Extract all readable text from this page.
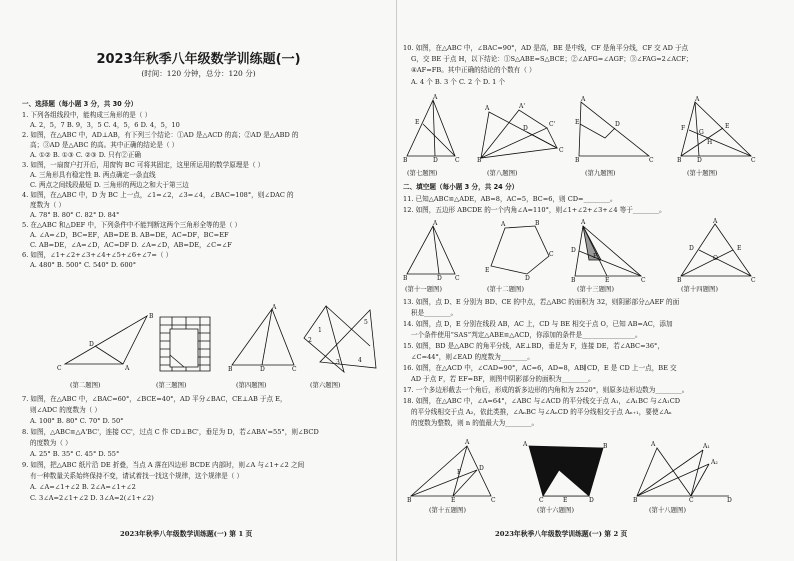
2023年秋季八年级数学训练题(一)
(时间：120 分钟，总分：120 分)
一、选择题（每小题 3 分，共 30 分）
1. 下列各组线段中，能构成三角形的是（ ）
A. 2，5，7 B. 9，3，5 C. 4，5，6 D. 4，5，10
2. 如图，在△ABC 中，AD⊥AB，有下列三个结论：①AD 是△ACD 的高；②AD 是△ABD 的
高；③AD 是△ABC 的高。其中正确的结论是（ ）
A. ①② B. ①③ C. ②③ D. 只有②正确
3. 如图，一扇窗户打开后，用窗钩 BC 可将其固定，这里所运用的数学原理是（ ）
A. 三角形具有稳定性 B. 两点确定一条直线
C. 两点之间线段最短 D. 三角形的两边之和大于第三边
4. 如图，在△ABC 中，D 为 BC 上一点，∠1=∠2，∠3=∠4，∠BAC=108°，则∠DAC 的
度数为（ ）
A. 78° B. 80° C. 82° D. 84°
5. 在△ABC 和△DEF 中，下列条件中不能判断这两个三角形全等的是（ ）
A. ∠A=∠D，BC=EF，AB=DE B. AB=DE，AC=DF，BC=EF
C. AB=DE，∠A=∠D，AC=DF D. ∠A=∠D，AB=DE，∠C=∠F
6. 如图，∠1+∠2+∠3+∠4+∠5+∠6+∠7=（ ）
A. 480° B. 500° C. 540° D. 600°
B
A
D
C
(第二题图)	(第三题图)
A
B	D	C
(第四题图)
1
2
3	4
5
(第六题图)
7. 如图，在△ABC 中，∠BAC=60°，∠BCE=40°，AD 平分∠BAC，CE⊥AB 于点 E，
则∠ADC 的度数为（ ）
A. 100° B. 80° C. 70° D. 50°
8. 如图，△ABC≌△A'BC'，连接 CC'，过点 C 作 CD⊥BC'，垂足为 D，若∠ABA'=55°，则∠BCD
的度数为（ ）
A. 25° B. 35° C. 45° D. 55°
9. 如图，把△ABC 纸片沿 DE 折叠，当点 A 落在四边形 BCDE 内部时，则∠A 与∠1+∠2 之间
有一种数量关系始终保持不变，请试着找一找这个规律，这个规律是（ ）
A. ∠A=∠1+∠2 B. 2∠A=∠1+∠2
C. 3∠A=2∠1+∠2 D. 3∠A=2(∠1+∠2)
2023年秋季八年级数学训练题(一) 第 1 页
10. 如图，在△ABC 中，∠BAC=90°，AD 是高，BE 是中线，CF 是角平分线，CF 交 AD 于点
G，交 BE 于点 H，以下结论：①S△ABE=S△BCE；②∠AFG=∠AGF；③∠FAG=2∠ACF；
④AF=FB。其中正确的结论的个数有（ ）
A. 4 个 B. 3 个 C. 2 个 D. 1 个
A
E
B	D	C
(第七题图)
A	A'
B
C
C'
D
(第八题图)
A
D
E
B	C
(第九题图)
A
F
G
E
H
B	D	C
(第十题图)
二、填空题（每小题 3 分，共 24 分）
11. 已知△ABC≌△ADE，AB=8，AC=5，BC=6，则 CD=________。
12. 如图，五边形 ABCDE 的一个内角∠A=110°，则∠1+∠2+∠3+∠4 等于________。
A
B	D C
(第十一题图)
A	B
C
D
E
(第十二题图)
A
D
F
B	E	C
(第十三题图)
A
D	E
O
B	C
(第十四题图)
13. 如图，点 D、E 分别为 BD、CE 的中点，若△ABC 的面积为 32，则阴影部分△AEF 的面
积是________。
14. 如图，点 D，E 分别在线段 AB，AC 上，CD 与 BE 相交于点 O，已知 AB=AC，添加
一个条件使用“SAS”判定△ABE≌△ACD，你添加的条件是________________。
15. 如图，BD 是△ABC 的角平分线，AE⊥BD，垂足为 F，连接 DE，若∠ABC=36°，
∠C=44°，则∠EAD 的度数为________。
16. 如图，在△ACD 中，∠CAD=90°，AC=6，AD=8，AB∥CD，E 是 CD 上一点，BE 交
AD 于点 F，若 EF=BF，则图中阴影部分的面积为________。
17. 一个多边形截去一个角后，形成的新多边形的内角和为 2520°，则原多边形边数为________。
18. 如图，在△ABC 中，∠A=64°，∠ABC 与∠ACD 的平分线交于点 A₁，∠A₁BC 与∠A₁CD
的平分线相交于点 A₂，依此类推，∠AₙBC 与∠AₙCD 的平分线相交于点 Aₙ₊₁，要使∠Aₙ
的度数为整数，则 n 的值最大为________。
A
E
F
B
D
C
(第十五题图)
A	B
F
C	E	D
(第十六题图)
A	A₁
A₂
B	C	D
(第十八题图)
2023年秋季八年级数学训练题(一) 第 2 页
